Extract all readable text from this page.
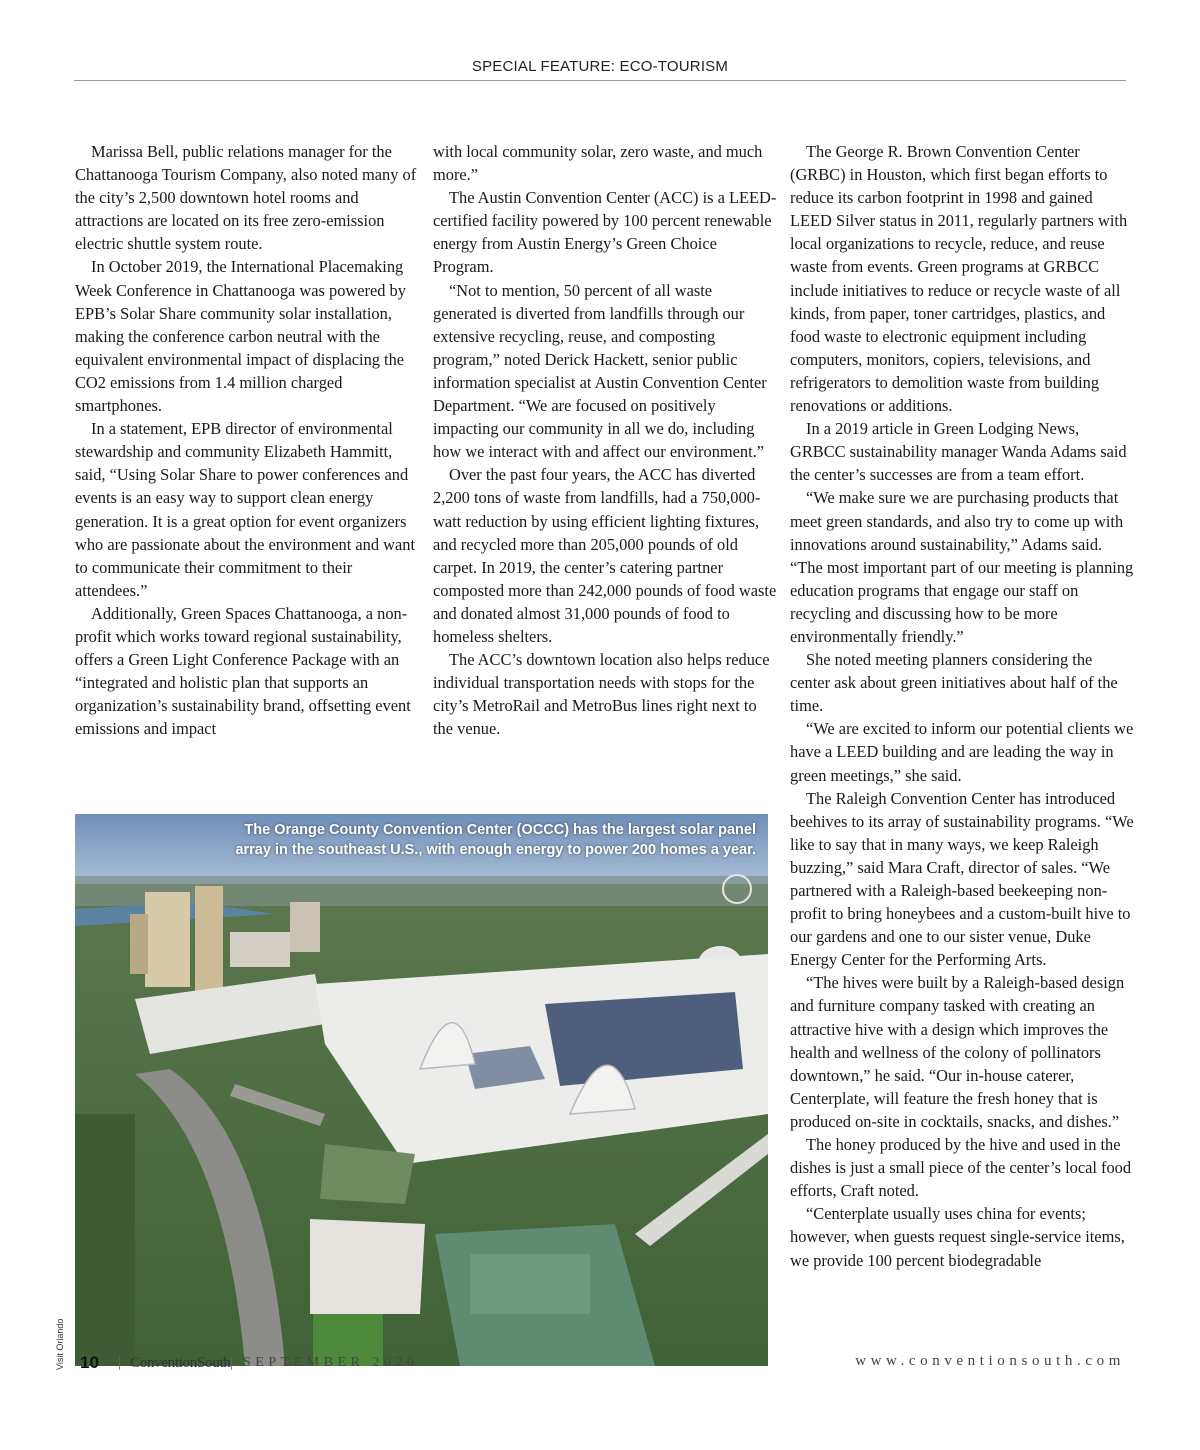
SPECIAL FEATURE: ECO-TOURISM

Marissa Bell, public relations manager for the Chattanooga Tourism Company, also noted many of the city’s 2,500 downtown hotel rooms and attractions are located on its free zero-emission electric shuttle system route.

In October 2019, the International Placemaking Week Conference in Chattanooga was powered by EPB’s Solar Share community solar installation, making the conference carbon neutral with the equivalent environmental impact of displacing the CO2 emissions from 1.4 million charged smartphones.

In a statement, EPB director of environmental stewardship and community Elizabeth Hammitt, said, “Using Solar Share to power conferences and events is an easy way to support clean energy generation. It is a great option for event organizers who are passionate about the environment and want to communicate their commitment to their attendees.”

Additionally, Green Spaces Chattanooga, a non-profit which works toward regional sustainability, offers a Green Light Conference Package with an “integrated and holistic plan that supports an organization’s sustainability brand, offsetting event emissions and impact

with local community solar, zero waste, and much more.”

The Austin Convention Center (ACC) is a LEED-certified facility powered by 100 percent renewable energy from Austin Energy’s Green Choice Program.

“Not to mention, 50 percent of all waste generated is diverted from landfills through our extensive recycling, reuse, and composting program,” noted Derick Hackett, senior public information specialist at Austin Convention Center Department. “We are focused on positively impacting our community in all we do, including how we interact with and affect our environment.”

Over the past four years, the ACC has diverted 2,200 tons of waste from landfills, had a 750,000-watt reduction by using efficient lighting fixtures, and recycled more than 205,000 pounds of old carpet. In 2019, the center’s catering partner composted more than 242,000 pounds of food waste and donated almost 31,000 pounds of food to homeless shelters.

The ACC’s downtown location also helps reduce individual transportation needs with stops for the city’s MetroRail and MetroBus lines right next to the venue.

The George R. Brown Convention Center (GRBC) in Houston, which first began efforts to reduce its carbon footprint in 1998 and gained LEED Silver status in 2011, regularly partners with local organizations to recycle, reduce, and reuse waste from events. Green programs at GRBCC include initiatives to reduce or recycle waste of all kinds, from paper, toner cartridges, plastics, and food waste to electronic equipment including computers, monitors, copiers, televisions, and refrigerators to demolition waste from building renovations or additions.

In a 2019 article in Green Lodging News, GRBCC sustainability manager Wanda Adams said the center’s successes are from a team effort.

“We make sure we are purchasing products that meet green standards, and also try to come up with innovations around sustainability,” Adams said. “The most important part of our meeting is planning education programs that engage our staff on recycling and discussing how to be more environmentally friendly.”

She noted meeting planners considering the center ask about green initiatives about half of the time.

“We are excited to inform our potential clients we have a LEED building and are leading the way in green meetings,” she said.

The Raleigh Convention Center has introduced beehives to its array of sustainability programs. “We like to say that in many ways, we keep Raleigh buzzing,” said Mara Craft, director of sales. “We partnered with a Raleigh-based beekeeping non-profit to bring honeybees and a custom-built hive to our gardens and one to our sister venue, Duke Energy Center for the Performing Arts.

“The hives were built by a Raleigh-based design and furniture company tasked with creating an attractive hive with a design which improves the health and wellness of the colony of pollinators downtown,” he said. “Our in-house caterer, Centerplate, will feature the fresh honey that is produced on-site in cocktails, snacks, and dishes.”

The honey produced by the hive and used in the dishes is just a small piece of the center’s local food efforts, Craft noted.

“Centerplate usually uses china for events; however, when guests request single-service items, we provide 100 percent biodegradable

The Orange County Convention Center (OCCC) has the largest solar panel
array in the southeast U.S., with enough energy to power 200 homes a year.
Visit Orlando 10 | ConventionSouth | SEPTEMBER 2020	www.conventionsouth.com
